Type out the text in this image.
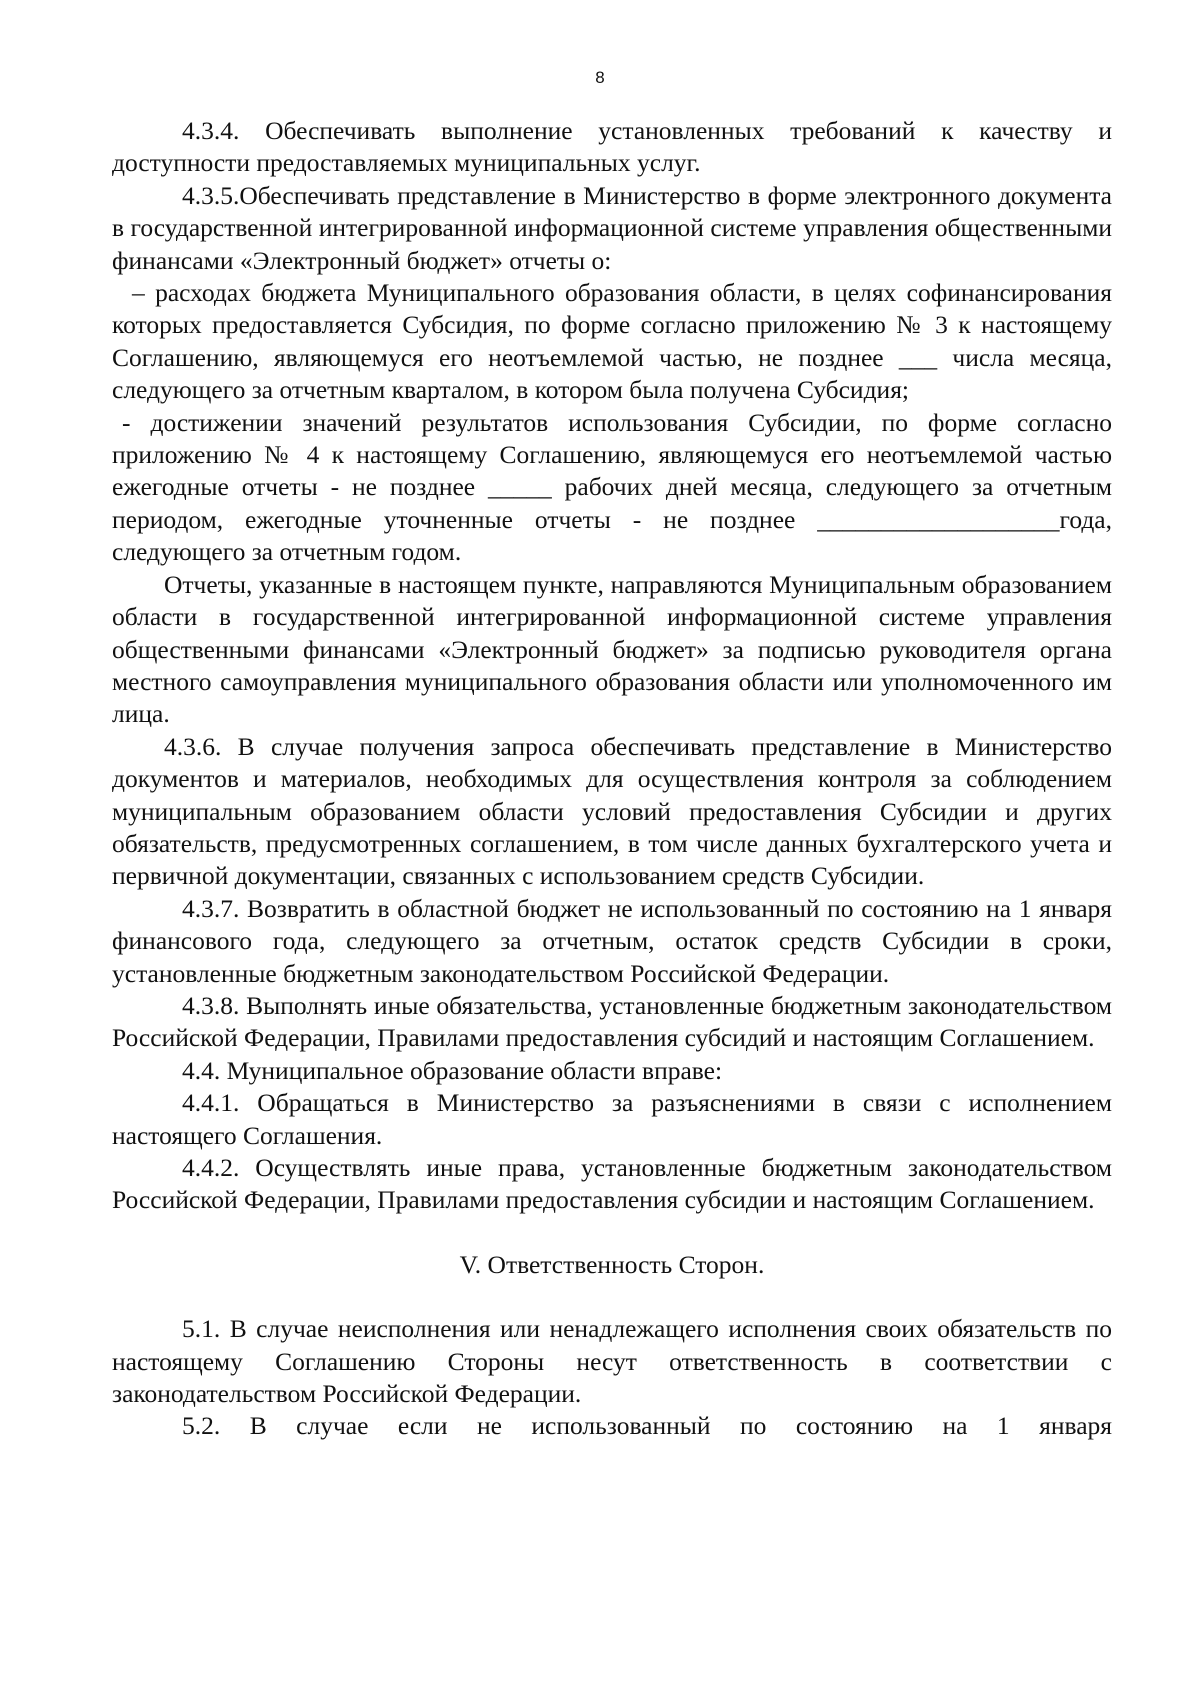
8

4.3.4. Обеспечивать выполнение установленных требований к качеству и доступности предоставляемых муниципальных услуг.

4.3.5.Обеспечивать представление в Министерство в форме электронного документа в государственной интегрированной информационной системе управления общественными финансами «Электронный бюджет» отчеты о:

– расходах бюджета Муниципального образования области, в целях софинансирования которых предоставляется Субсидия, по форме согласно приложению № 3 к настоящему Соглашению, являющемуся его неотъемлемой частью, не позднее ___ числа месяца, следующего за отчетным кварталом, в котором была получена Субсидия;

- достижении значений результатов использования Субсидии, по форме согласно приложению № 4 к настоящему Соглашению, являющемуся его неотъемлемой частью ежегодные отчеты - не позднее _____ рабочих дней месяца, следующего за отчетным периодом, ежегодные уточненные отчеты - не позднее ___________________года, следующего за отчетным годом.

Отчеты, указанные в настоящем пункте, направляются Муниципальным образованием области в государственной интегрированной информационной системе управления общественными финансами «Электронный бюджет» за подписью руководителя органа местного самоуправления муниципального образования области или уполномоченного им лица.

4.3.6. В случае получения запроса обеспечивать представление в Министерство документов и материалов, необходимых для осуществления контроля за соблюдением муниципальным образованием области условий предоставления Субсидии и других обязательств, предусмотренных соглашением, в том числе данных бухгалтерского учета и первичной документации, связанных с использованием средств Субсидии.

4.3.7. Возвратить в областной бюджет не использованный по состоянию на 1 января финансового года, следующего за отчетным, остаток средств Субсидии в сроки, установленные бюджетным законодательством Российской Федерации.

4.3.8. Выполнять иные обязательства, установленные бюджетным законодательством Российской Федерации, Правилами предоставления субсидий и настоящим Соглашением.

4.4. Муниципальное образование области вправе:

4.4.1. Обращаться в Министерство за разъяснениями в связи с исполнением настоящего Соглашения.

4.4.2. Осуществлять иные права, установленные бюджетным законодательством Российской Федерации, Правилами предоставления субсидии и настоящим Соглашением.

V. Ответственность Сторон.

5.1. В случае неисполнения или ненадлежащего исполнения своих обязательств по настоящему Соглашению Стороны несут ответственность в соответствии с законодательством Российской Федерации.

5.2. В случае если не использованный по состоянию на 1 января
